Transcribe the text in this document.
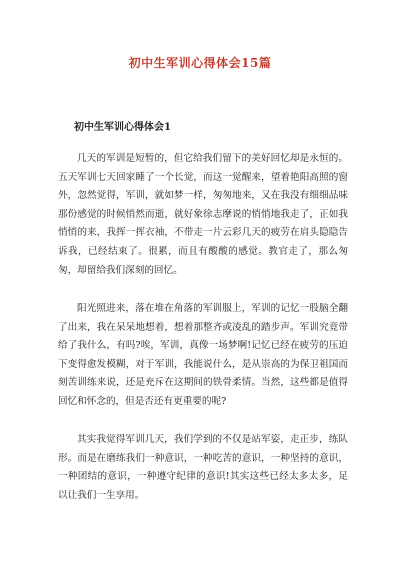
初中生军训心得体会15篇
初中生军训心得体会1

几天的军训是短暂的，但它给我们留下的美好回忆却是永恒的。五天军训七天回家睡了一个长觉，而这一觉醒来，望着艳阳高照的窗外，忽然觉得，军训，就如梦一样，匆匆地来，又在我没有细细品味那份感觉的时候悄然而逝，就好象徐志摩说的悄悄地我走了，正如我悄悄的来，我挥一挥衣袖，不带走一片云彩几天的疲劳在肩头隐隐告诉我，已经结束了。很累，而且有酸酸的感觉。教官走了，那么匆匆，却留给我们深刻的回忆。

阳光照进来，落在堆在角落的军训服上，军训的记忆一股脑全翻了出来，我在呆呆地想着，想着那整齐或凌乱的踏步声。军训究竟带给了我什么，有吗?唉，军训，真像一场梦啊!记忆已经在疲劳的压迫下变得愈发模糊，对于军训，我能说什么，是从崇高的为保卫祖国而刻苦训练来说，还是充斥在这期间的铁骨柔情。当然，这些都是值得回忆和怀念的，但是否还有更重要的呢?

其实我觉得军训几天，我们学到的不仅是站军姿，走正步，练队形。而是在磨练我们一种意识，一种吃苦的意识，一种坚持的意识，一种团结的意识，一种遵守纪律的意识!其实这些已经太多太多，足以让我们一生享用。
